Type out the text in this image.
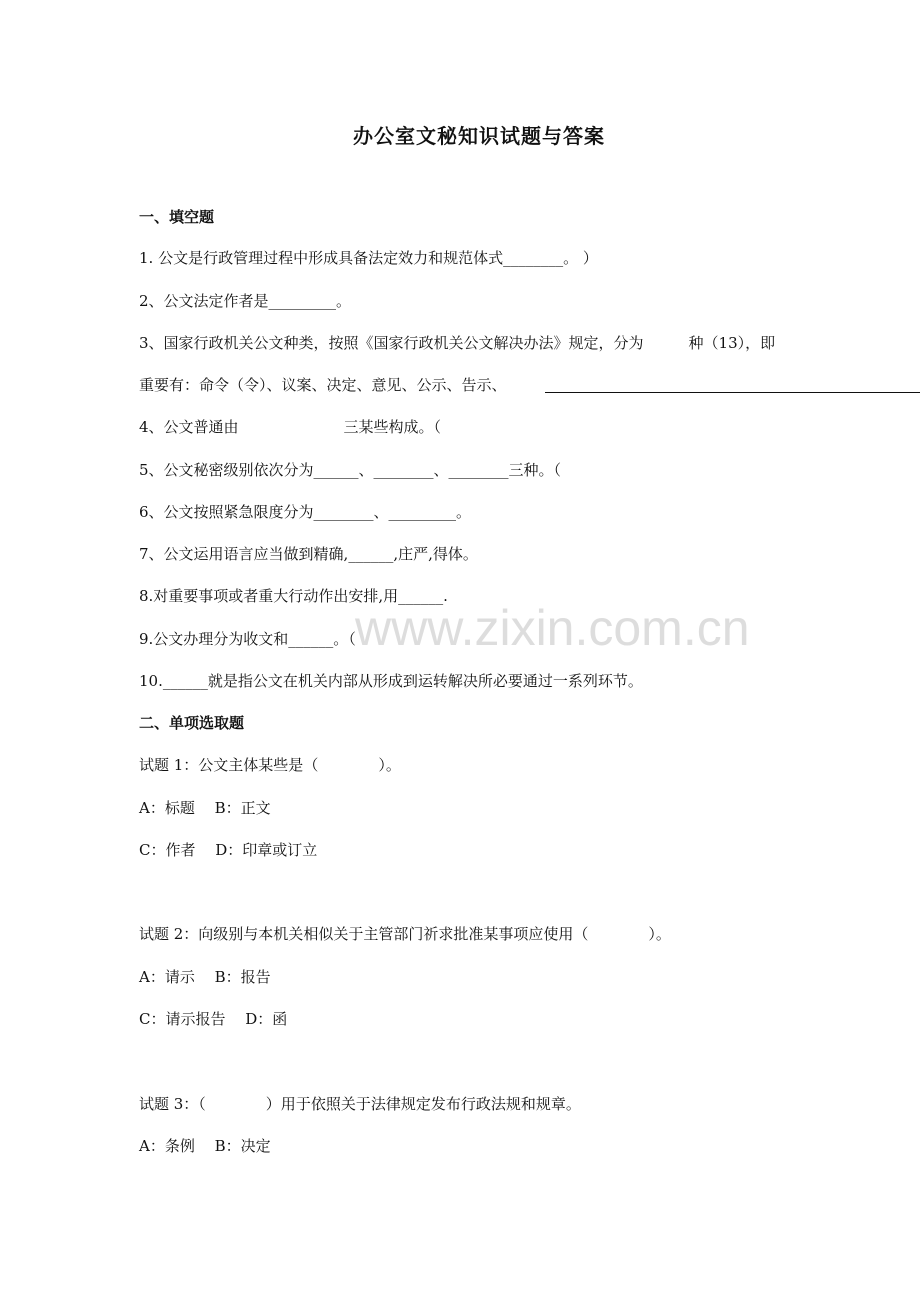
办公室文秘知识试题与答案
一、填空题
1. 公文是行政管理过程中形成具备法定效力和规范体式________。 ）
2、公文法定作者是_________。
3、国家行政机关公文种类，按照《国家行政机关公文解决办法》规定，分为　　　种（13），即
重要有：命令（令）、议案、决定、意见、公示、告示、
4、公文普通由　　　　　　　三某些构成。（
5、公文秘密级别依次分为______、________、________三种。（
6、公文按照紧急限度分为________、_________。
7、公文运用语言应当做到精确,______,庄严,得体。
8.对重要事项或者重大行动作出安排,用______.
9.公文办理分为收文和______。（
10.______就是指公文在机关内部从形成到运转解决所必要通过一系列环节。
二、单项选取题
试题 1：公文主体某些是（　　　　）。
A：标题　 B：正文
C：作者　 D：印章或订立
试题 2：向级别与本机关相似关于主管部门祈求批准某事项应使用（　　　　）。
A：请示　 B：报告
C：请示报告　 D：函
试题 3：（　　　　）用于依照关于法律规定发布行政法规和规章。
A：条例　 B：决定
www.zixin.com.cn
